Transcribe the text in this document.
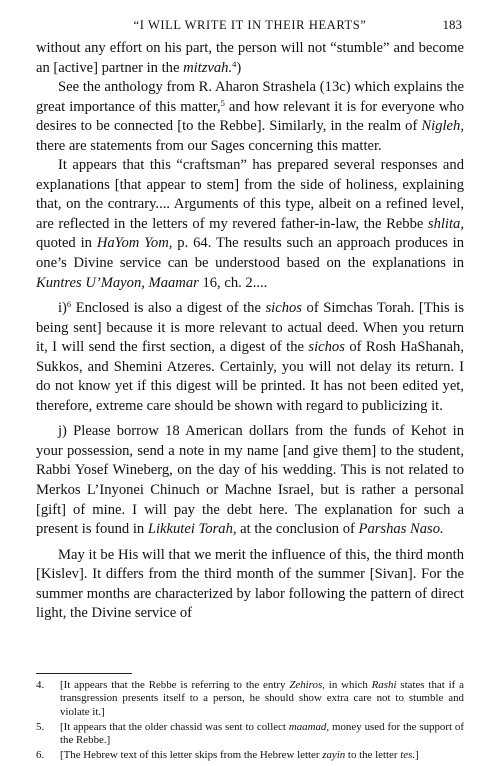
“I WILL WRITE IT IN THEIR HEARTS”	183

without any effort on his part, the person will not “stumble” and become an [active] partner in the mitzvah.$^4$)

See the anthology from R. Aharon Strashela (13c) which explains the great importance of this matter,$^5$ and how relevant it is for everyone who desires to be connected [to the Rebbe]. Similarly, in the realm of Nigleh, there are statements from our Sages concerning this matter.

It appears that this “craftsman” has prepared several responses and explanations [that appear to stem] from the side of holiness, explaining that, on the contrary.... Arguments of this type, albeit on a refined level, are reflected in the letters of my revered father-in-law, the Rebbe shlita, quoted in HaYom Yom, p. 64. The results such an approach produces in one’s Divine service can be understood based on the explanations in Kuntres U’Mayon, Maamar 16, ch. 2....

i)$^6$ Enclosed is also a digest of the sichos of Simchas Torah. [This is being sent] because it is more relevant to actual deed. When you return it, I will send the first section, a digest of the sichos of Rosh HaShanah, Sukkos, and Shemini Atzeres. Certainly, you will not delay its return. I do not know yet if this digest will be printed. It has not been edited yet, therefore, extreme care should be shown with regard to publicizing it.

j) Please borrow 18 American dollars from the funds of Kehot in your possession, send a note in my name [and give them] to the student, Rabbi Yosef Wineberg, on the day of his wedding. This is not related to Merkos L’Inyonei Chinuch or Machne Israel, but is rather a personal [gift] of mine. I will pay the debt here. The explanation for such a present is found in Likkutei Torah, at the conclusion of Parshas Naso.

May it be His will that we merit the influence of this, the third month [Kislev]. It differs from the third month of the summer [Sivan]. For the summer months are characterized by labor following the pattern of direct light, the Divine service of

4. [It appears that the Rebbe is referring to the entry Zehiros, in which Rashi states that if a transgression presents itself to a person, he should show extra care not to stumble and violate it.]
5. [It appears that the older chassid was sent to collect maamad, money used for the support of the Rebbe.]
6. [The Hebrew text of this letter skips from the Hebrew letter zayin to the letter tes.]
